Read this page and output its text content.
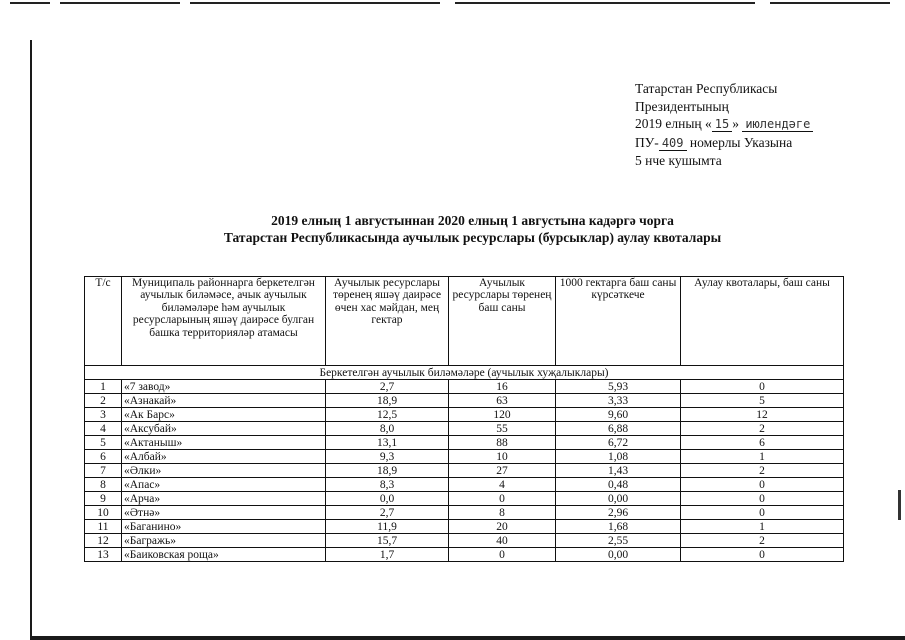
Татарстан Республикасы
Президентының
2019 елның « 15 » июлендәге
ПУ- 409 номерлы Указына
5 нче кушымта
2019 елның 1 августыннан 2020 елның 1 августына кадәргә чорга
Татарстан Республикасында аучылык ресурслары (бурсыклар) аулау квоталары
Т/с	Муниципаль районнарга беркетелгән аучылык биләмәсе, ачык аучылык биләмәләре һәм аучылык ресурсларының яшәү даирәсе булган башка территорияләр атамасы	Аучылык ресурслары төренең яшәү даирәсе өчен хас мәйдан, мең гектар	Аучылык ресурслары төренең баш саны	1000 гектарга баш саны күрсәткече	Аулау квоталары, баш саны
Беркетелгән аучылык биләмәләре (аучылык хуҗалыклары)					
1	«7 завод»	2,7	16	5,93	0
2	«Азнакай»	18,9	63	3,33	5
3	«Ак Барс»	12,5	120	9,60	12
4	«Аксубай»	8,0	55	6,88	2
5	«Актаныш»	13,1	88	6,72	6
6	«Албай»	9,3	10	1,08	1
7	«Әлки»	18,9	27	1,43	2
8	«Апас»	8,3	4	0,48	0
9	«Арча»	0,0	0	0,00	0
10	«Әтнә»	2,7	8	2,96	0
11	«Баганино»	11,9	20	1,68	1
12	«Багражь»	15,7	40	2,55	2
13	«Баиковская роща»	1,7	0	0,00	0
